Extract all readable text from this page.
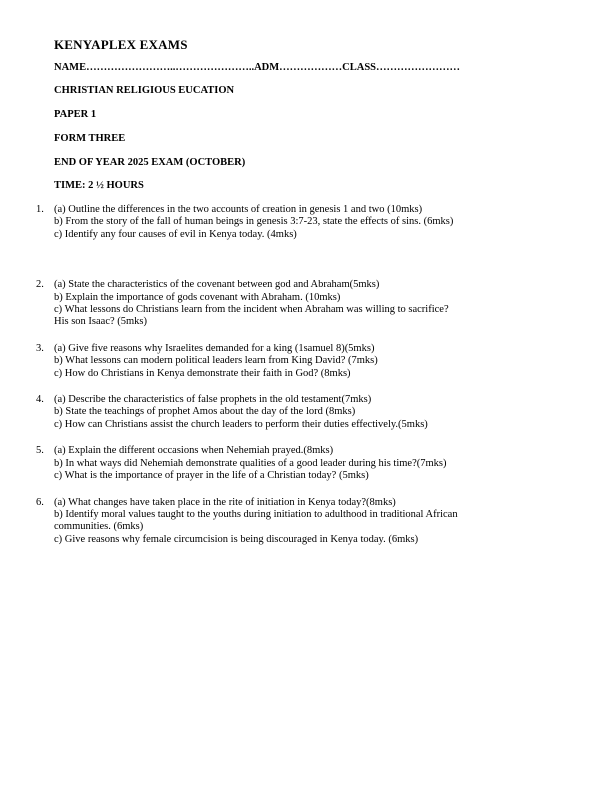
KENYAPLEX EXAMS
NAME……………………..…………………..ADM………………CLASS……………………
CHRISTIAN RELIGIOUS EUCATION
PAPER 1
FORM THREE
END OF YEAR 2025 EXAM (OCTOBER)
TIME: 2 ½ HOURS
1. (a) Outline the differences in the two accounts of creation in genesis 1 and two (10mks)
b) From the story of the fall of human beings in genesis 3:7-23, state the effects of sins. (6mks)
c) Identify any four causes of evil in Kenya today. (4mks)
2. (a) State the characteristics of the covenant between god and Abraham(5mks)
b) Explain the importance of gods covenant with Abraham. (10mks)
c) What lessons do Christians learn from the incident when Abraham was willing to sacrifice?
His son Isaac? (5mks)
3. (a) Give five reasons why Israelites demanded for a king (1samuel 8)(5mks)
b) What lessons can modern political leaders learn from King David? (7mks)
c) How do Christians in Kenya demonstrate their faith in God? (8mks)
4. (a) Describe the characteristics of false prophets in the old testament(7mks)
b) State the teachings of prophet Amos about the day of the lord (8mks)
c) How can Christians assist the church leaders to perform their duties effectively.(5mks)
5. (a) Explain the different occasions when Nehemiah prayed.(8mks)
b) In what ways did Nehemiah demonstrate qualities of a good leader during his time?(7mks)
c) What is the importance of prayer in the life of a Christian today? (5mks)
6. (a) What changes have taken place in the rite of initiation in Kenya today?(8mks)
b) Identify moral values taught to the youths during initiation to adulthood in traditional African
communities. (6mks)
c) Give reasons why female circumcision is being discouraged in Kenya today. (6mks)
